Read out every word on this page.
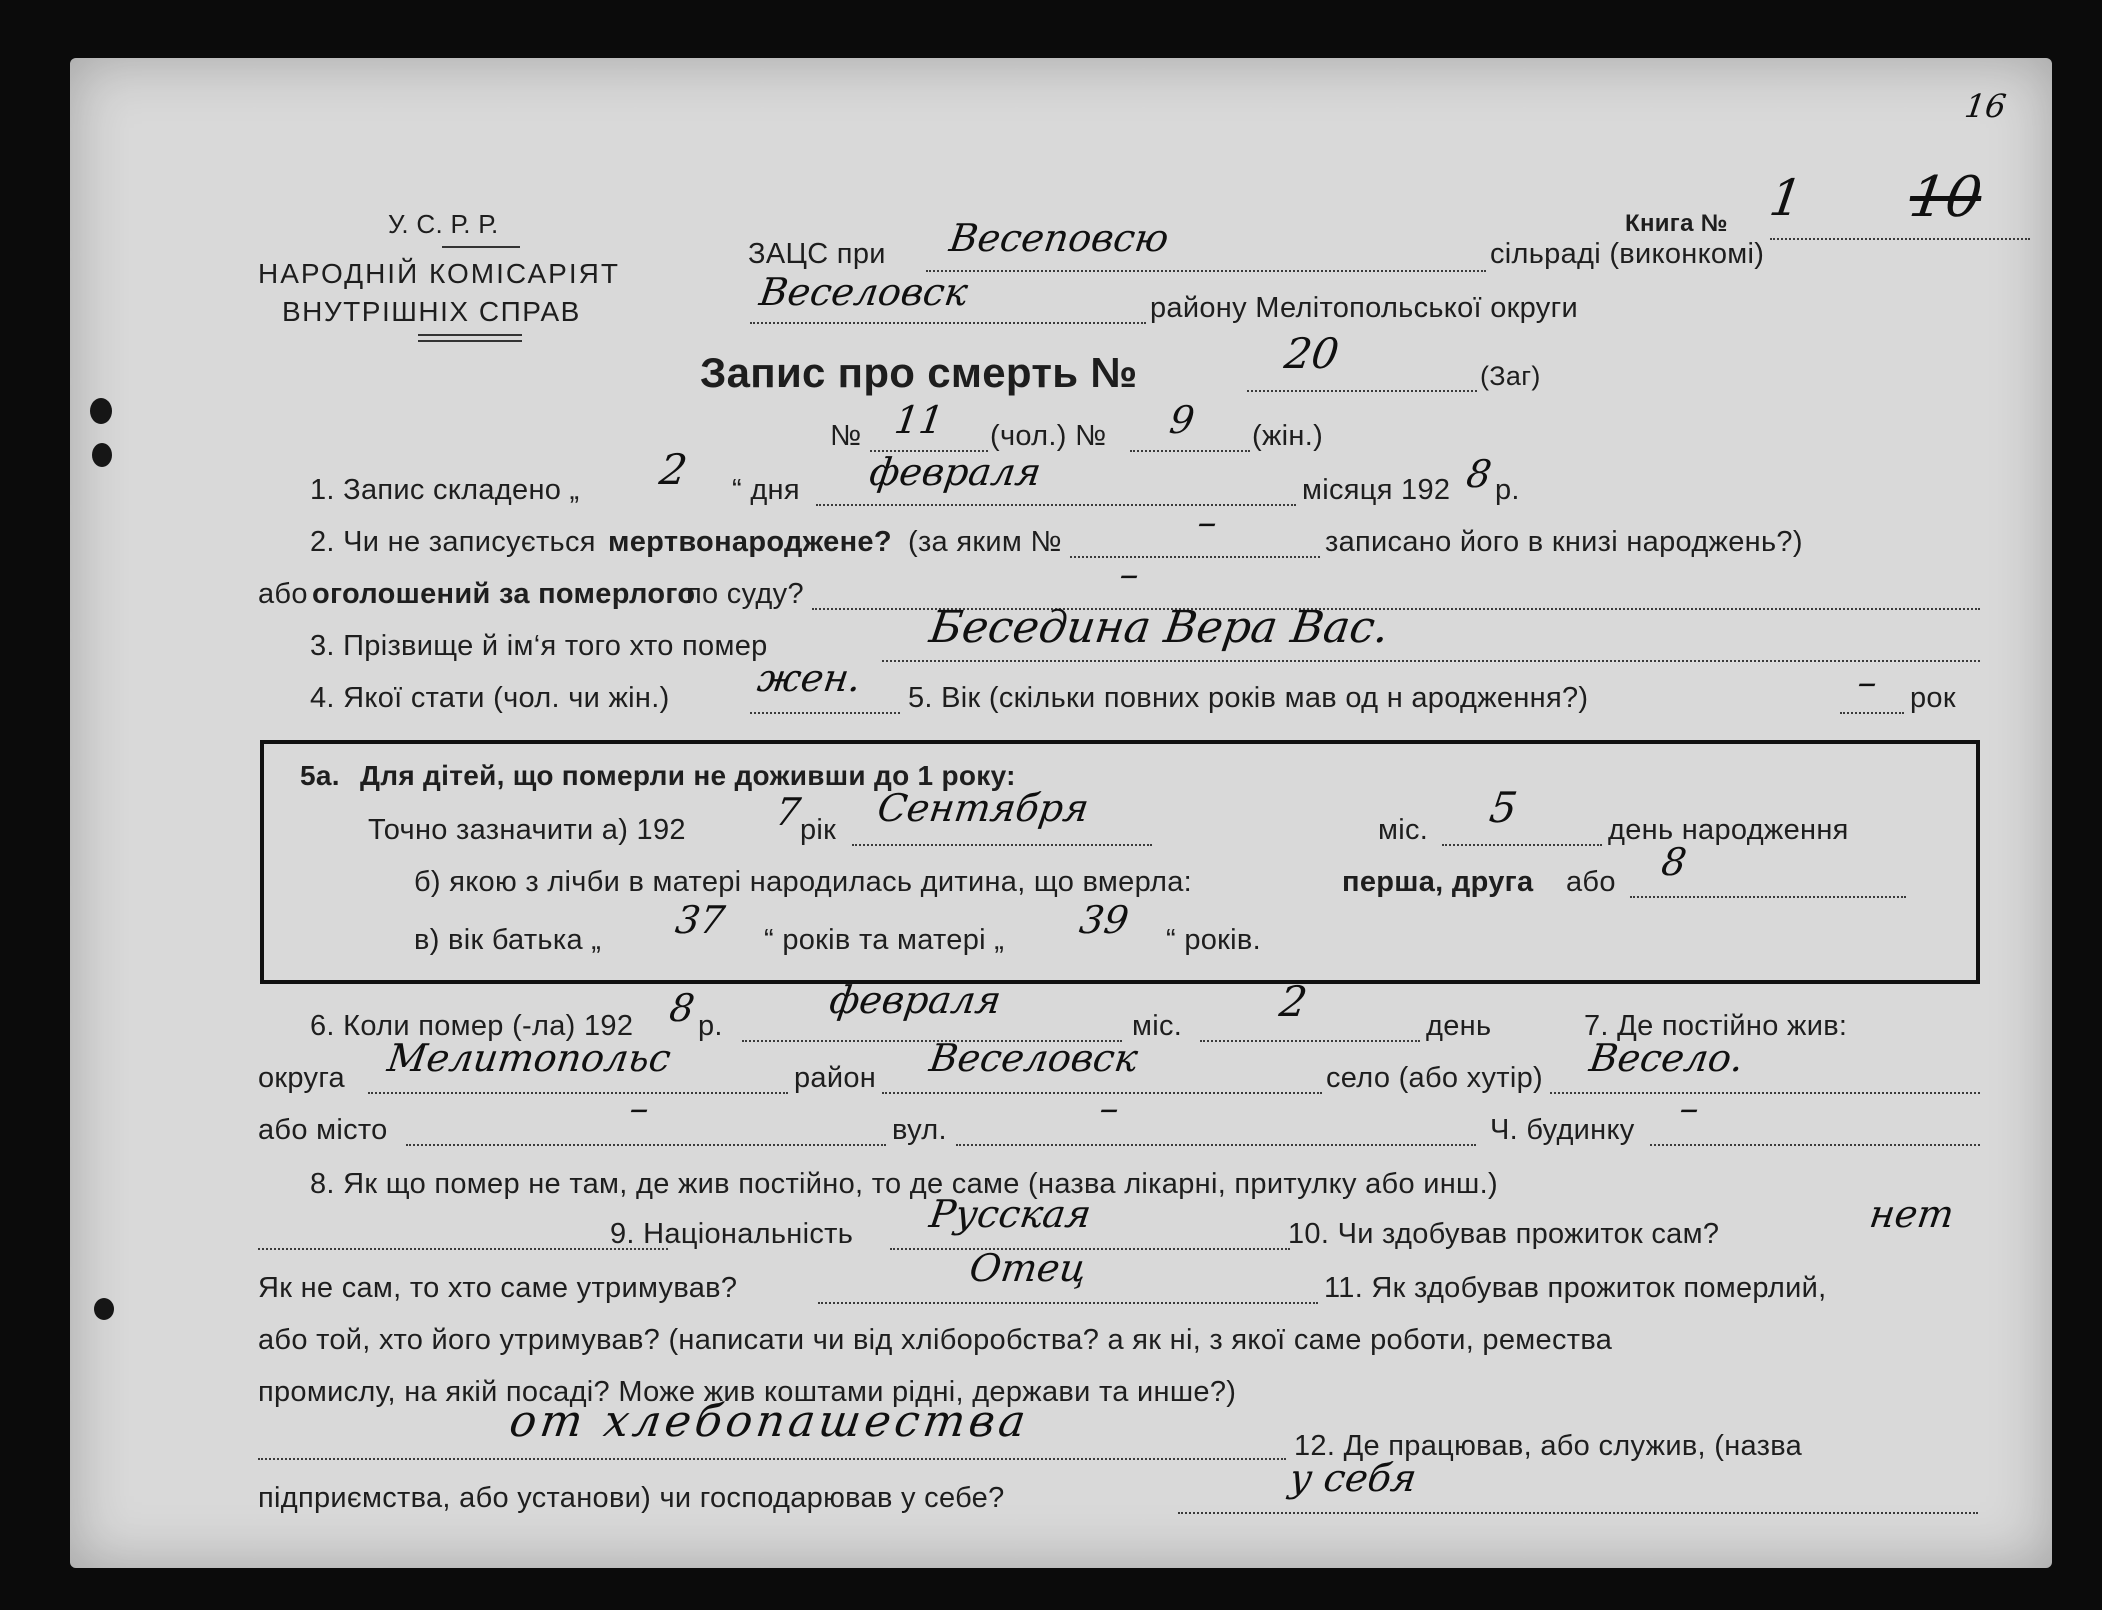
16
У. С. Р. Р.
НАРОДНІЙ КОМІСАРІЯТ
ВНУТРІШНІХ СПРАВ
Книга № 1 10
ЗАЦС при Весеповсю	сільраді (виконкомі)
Веселовск	району Мелітопольської округи
Запис про смерть №	20	(Заг)
№ 11 (чол.) № 9 (жін.)
1. Запис складено „ 2 “ дня февраля	місяця 192 8 р.
2. Чи не записується мертвонароджене? (за яким №	–	записано його в книзі народжень?)
або оголошений за померлого
по суду?	–
3. Прізвище й ім‘я того хто помер	Беседина Вера Вас.
4. Якої стати (чол. чи жін.) жен. 5. Вік (скільки повних років мав од н ародження?)	– рок
5а. Для дітей, що померли не доживши до 1 року:
Точно зазначити а) 192 7
рік Сентября	міс. 5	день народження
б) якою з лічби в матері народилась дитина, що вмерла:	перша, друга або 8
в) вік батька „ 37 “ років та матері „ 39 “ років.
6. Коли помер (-ла) 192 8 р.
февраля
міс. 2	день	7. Де постійно жив:
округа Мелитопольс	район Веселовск	село (або хутір) Весело.
або місто	–	вул.	–	Ч. будинку –
8. Як що помер не там, де жив постійно, то де саме (назва лікарні, притулку або инш.)
9. Національність Русская	10. Чи здобував прожиток сам?	нет
Як не сам, то хто саме утримував?	Отец	11. Як здобував прожиток померлий,
або той, хто його утримував? (написати чи від хліборобства? а як ні, з якої саме роботи, ремества
промислу, на якій посаді? Може жив коштами рідні, держави та инше?)
от хлебопашества	12. Де працював, або служив, (назва
підприємства, або установи) чи господарював у себе?	у себя
